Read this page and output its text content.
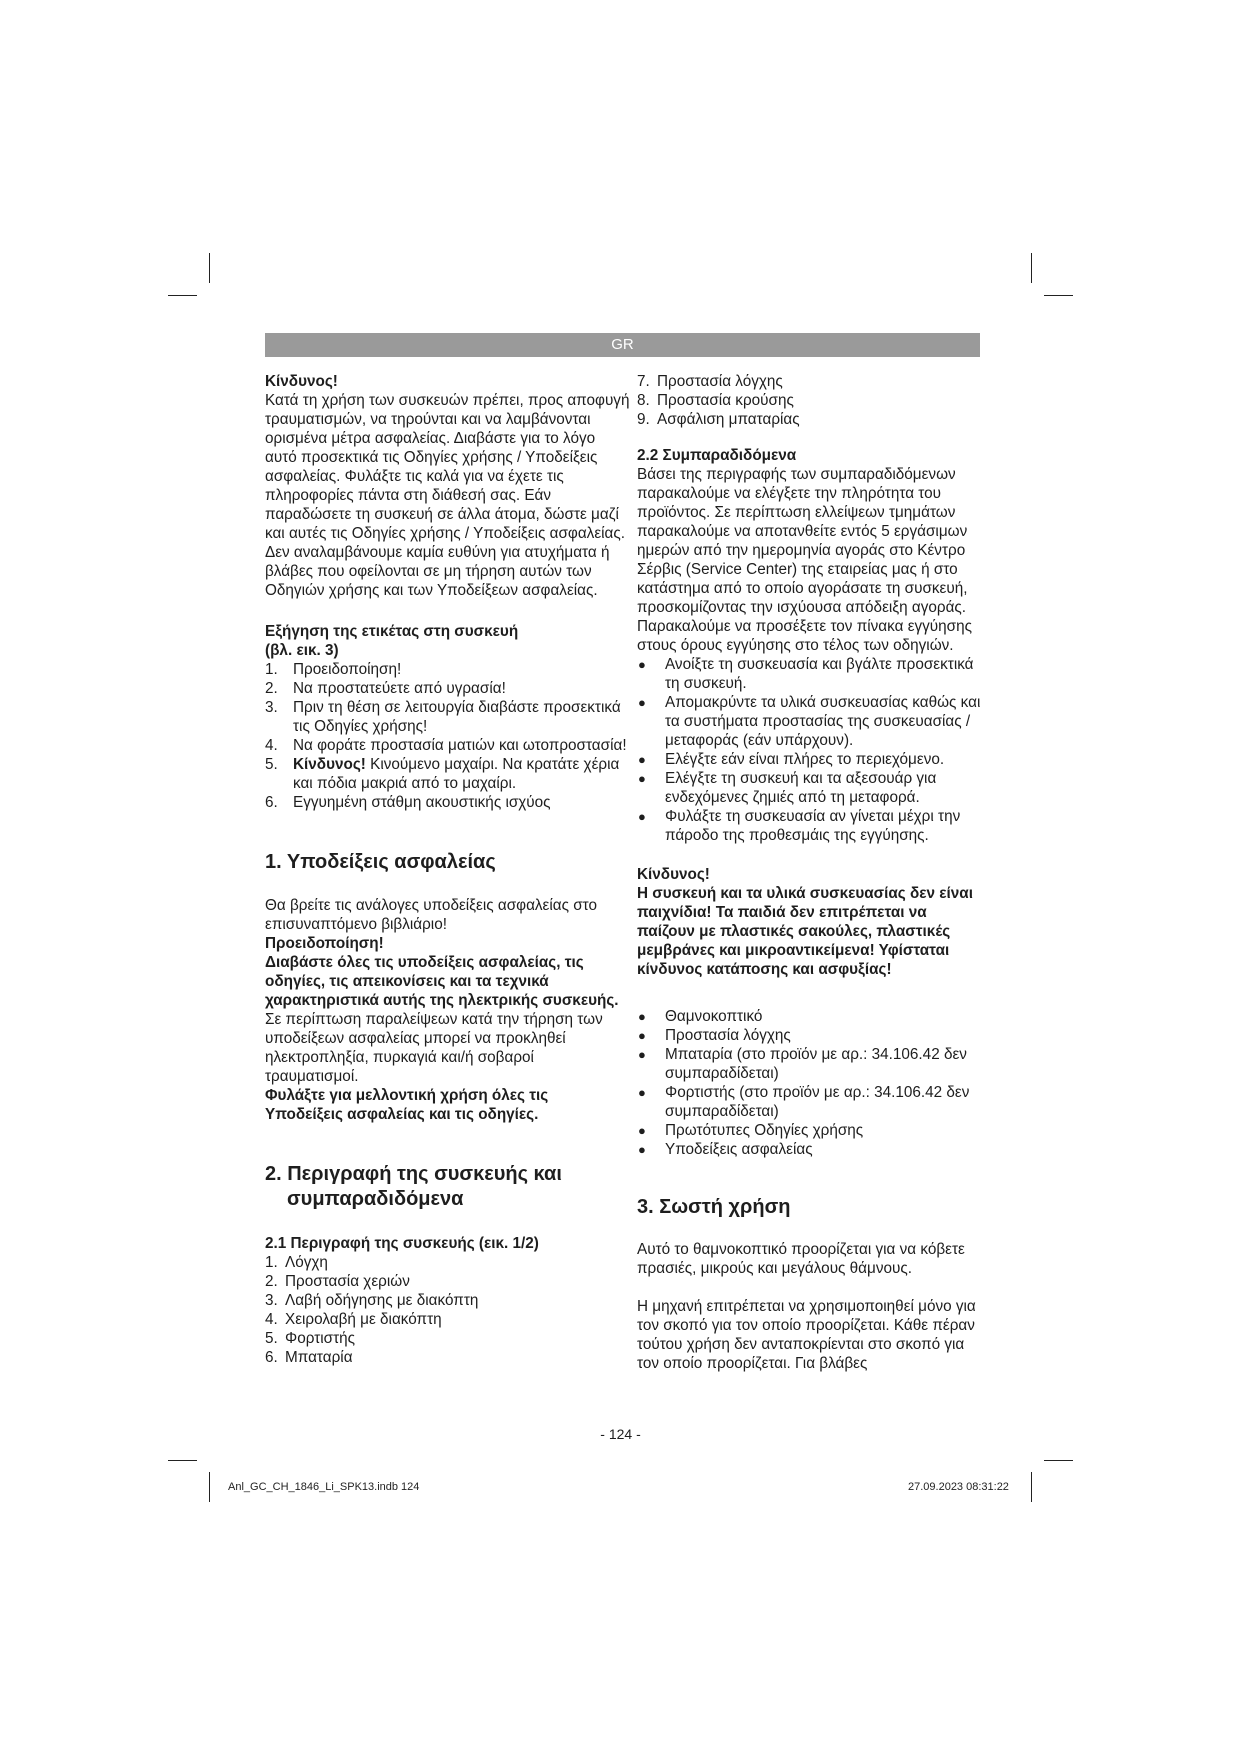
GR

Κίνδυνος!

Κατά τη χρήση των συσκευών πρέπει, προς αποφυγή τραυματισμών, να τηρούνται και να λαμβάνονται ορισμένα μέτρα ασφαλείας. Διαβάστε για το λόγο αυτό προσεκτικά τις Οδηγίες χρήσης / Υποδείξεις ασφαλείας. Φυλάξτε τις καλά για να έχετε τις πληροφορίες πάντα στη διάθεσή σας. Εάν παραδώσετε τη συσκευή σε άλλα άτομα, δώστε μαζί και αυτές τις Οδηγίες χρήσης / Υποδείξεις ασφαλείας. Δεν αναλαμβάνουμε καμία ευθύνη για ατυχήματα ή βλάβες που οφείλονται σε μη τήρηση αυτών των Οδηγιών χρήσης και των Υποδείξεων ασφαλείας.

Εξήγηση της ετικέτας στη συσκευή

(βλ. εικ. 3)

1. Προειδοποίηση!
2. Να προστατεύετε από υγρασία!
3. Πριν τη θέση σε λειτουργία διαβάστε προσεκτικά τις Οδηγίες χρήσης!
4. Να φοράτε προστασία ματιών και ωτοπροστασία!
5. Κίνδυνος! Κινούμενο μαχαίρι. Να κρατάτε χέρια και πόδια μακριά από το μαχαίρι.
6. Εγγυημένη στάθμη ακουστικής ισχύος
1. Υποδείξεις ασφαλείας

Θα βρείτε τις ανάλογες υποδείξεις ασφαλείας στο επισυναπτόμενο βιβλιάριο!

Προειδοποίηση!

Διαβάστε όλες τις υποδείξεις ασφαλείας, τις οδηγίες, τις απεικονίσεις και τα τεχνικά χαρακτηριστικά αυτής της ηλεκτρικής συσκευής. Σε περίπτωση παραλείψεων κατά την τήρηση των υποδείξεων ασφαλείας μπορεί να προκληθεί ηλεκτροπληξία, πυρκαγιά και/ή σοβαροί τραυματισμοί.

Φυλάξτε για μελλοντική χρήση όλες τις Υποδείξεις ασφαλείας και τις οδηγίες.

2. Περιγραφή της συσκευής και
συμπαραδιδόμενα

2.1 Περιγραφή της συσκευής (εικ. 1/2)

1. Λόγχη
2. Προστασία χεριών
3. Λαβή οδήγησης με διακόπτη
4. Χειρολαβή με διακόπτη
5. Φορτιστής
6. Μπαταρία
7. Προστασία λόγχης
8. Προστασία κρούσης
9. Ασφάλιση μπαταρίας

2.2 Συμπαραδιδόμενα

Βάσει της περιγραφής των συμπαραδιδόμενων παρακαλούμε να ελέγξετε την πληρότητα του προϊόντος. Σε περίπτωση ελλείψεων τμημάτων παρακαλούμε να αποτανθείτε εντός 5 εργάσιμων ημερών από την ημερομηνία αγοράς στο Κέντρο Σέρβις (Service Center) της εταιρείας μας ή στο κατάστημα από το οποίο αγοράσατε τη συσκευή, προσκομίζοντας την ισχύουσα απόδειξη αγοράς. Παρακαλούμε να προσέξετε τον πίνακα εγγύησης στους όρους εγγύησης στο τέλος των οδηγιών.

● Ανοίξτε τη συσκευασία και βγάλτε προσεκτικά τη συσκευή.
● Απομακρύντε τα υλικά συσκευασίας καθώς και τα συστήματα προστασίας της συσκευασίας / μεταφοράς (εάν υπάρχουν).
● Ελέγξτε εάν είναι πλήρες το περιεχόμενο.
● Ελέγξτε τη συσκευή και τα αξεσουάρ για ενδεχόμενες ζημιές από τη μεταφορά.
● Φυλάξτε τη συσκευασία αν γίνεται μέχρι την πάροδο της προθεσμάις της εγγύησης.

Κίνδυνος!

Η συσκευή και τα υλικά συσκευασίας δεν είναι παιχνίδια! Τα παιδιά δεν επιτρέπεται να παίζουν με πλαστικές σακούλες, πλαστικές μεμβράνες και μικροαντικείμενα! Υφίσταται κίνδυνος κατάποσης και ασφυξίας!

● Θαμνοκοπτικό
● Προστασία λόγχης
● Μπαταρία (στο προϊόν με αρ.: 34.106.42 δεν συμπαραδίδεται)
● Φορτιστής (στο προϊόν με αρ.: 34.106.42 δεν συμπαραδίδεται)
● Πρωτότυπες Οδηγίες χρήσης
● Υποδείξεις ασφαλείας
3. Σωστή χρήση

Αυτό το θαμνοκοπτικό προορίζεται για να κόβετε πρασιές, μικρούς και μεγάλους θάμνους.

Η μηχανή επιτρέπεται να χρησιμοποιηθεί μόνο για τον σκοπό για τον οποίο προορίζεται. Κάθε πέραν τούτου χρήση δεν ανταποκρίενται στο σκοπό για τον οποίο προορίζεται. Για βλάβες

- 124 -
Anl_GC_CH_1846_Li_SPK13.indb 124	27.09.2023 08:31:22
